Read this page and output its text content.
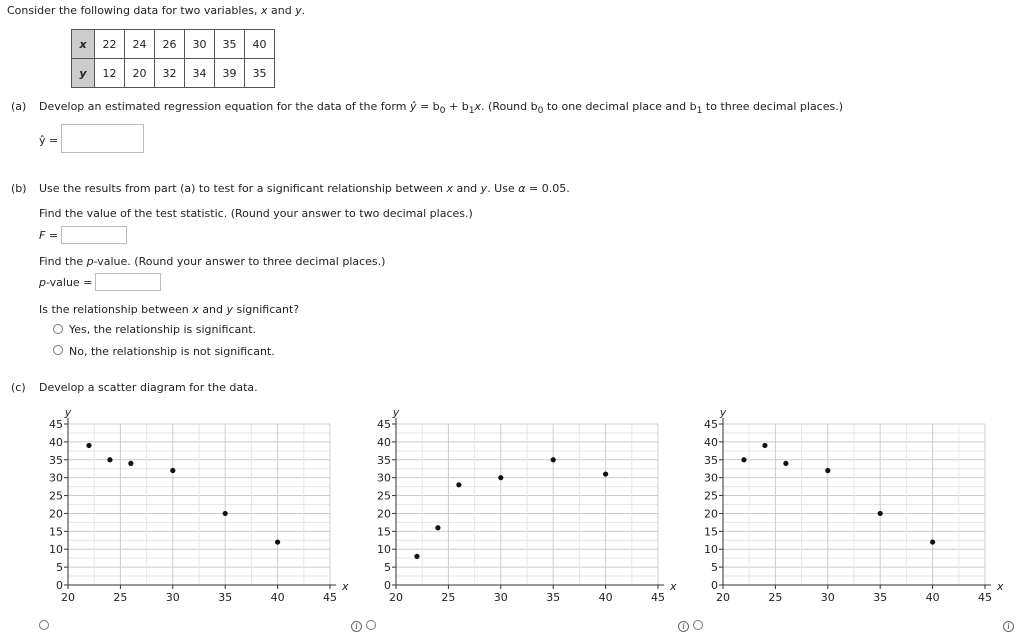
Consider the following data for two variables, x and y.
x	22	24	26	30	35	40
y	12	20	32	34	39	35
(a) Develop an estimated regression equation for the data of the form ŷ = $b_0 + b_1x$. (Round $b_0$ to one decimal place and $b_1$ to three decimal places.)
ŷ =
(b) Use the results from part (a) to test for a significant relationship between x and y. Use α = 0.05.
Find the value of the test statistic. (Round your answer to two decimal places.)
F =
Find the p-value. (Round your answer to three decimal places.)
p-value =
Is the relationship between x and y significant?
Yes, the relationship is significant.
No, the relationship is not significant.
(c) Develop a scatter diagram for the data.
0
5
10
15
20
25
30
35
40
45
20	25	30	35	40	45
x
y
0
5
10
15
20
25
30
35
40
45
20	25	30	35	40	45
x
y
0
5
10
15
20
25
30
35
40
45
20	25	30	35	40	45
x
y
i	i	i
